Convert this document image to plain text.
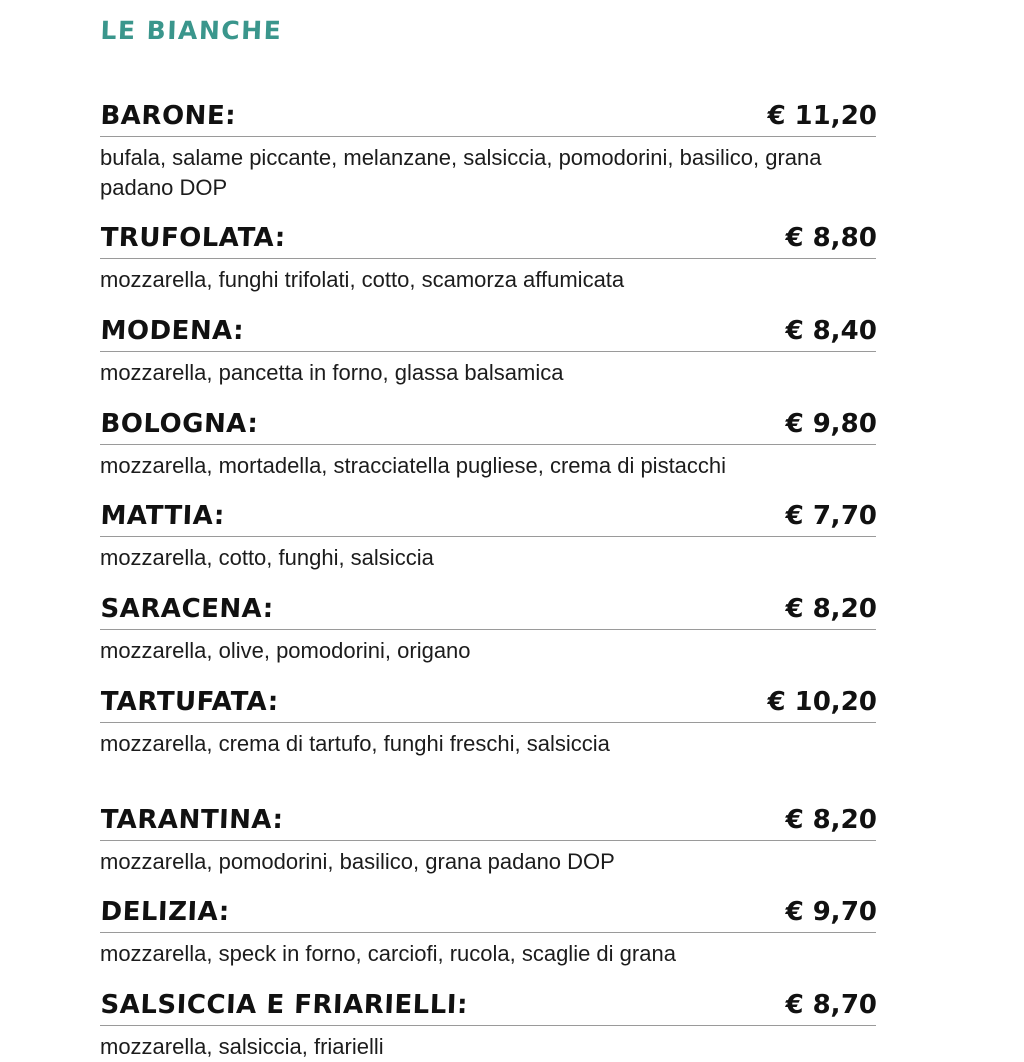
LE BIANCHE
BARONE:	€ 11,20
bufala, salame piccante, melanzane, salsiccia, pomodorini, basilico, grana padano DOP
TRUFOLATA:	€ 8,80
mozzarella, funghi trifolati, cotto, scamorza affumicata
MODENA:	€ 8,40
mozzarella, pancetta in forno, glassa balsamica
BOLOGNA:	€ 9,80
mozzarella, mortadella, stracciatella pugliese, crema di pistacchi
MATTIA:	€ 7,70
mozzarella, cotto, funghi, salsiccia
SARACENA:	€ 8,20
mozzarella, olive, pomodorini, origano
TARTUFATA:	€ 10,20
mozzarella, crema di tartufo, funghi freschi, salsiccia
TARANTINA:	€ 8,20
mozzarella, pomodorini, basilico, grana padano DOP
DELIZIA:	€ 9,70
mozzarella, speck in forno, carciofi, rucola, scaglie di grana
SALSICCIA E FRIARIELLI:	€ 8,70
mozzarella, salsiccia, friarielli
